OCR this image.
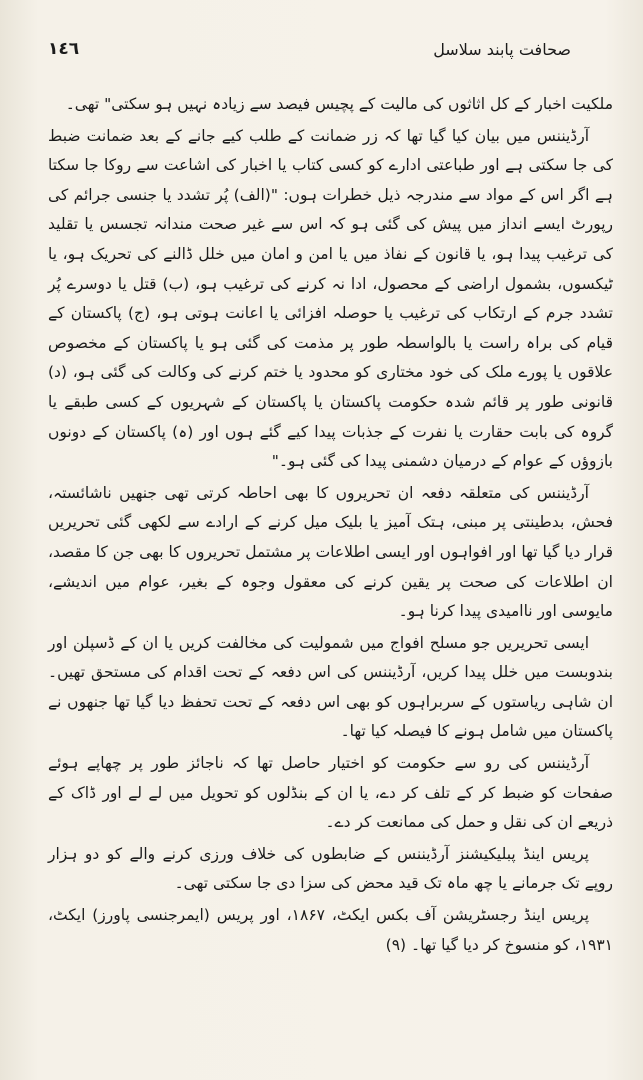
١٤٦	صحافت پابند سلاسل

ملکیت اخبار کے کل اثاثوں کی مالیت کے پچیس فیصد سے زیادہ نہیں ہو سکتی" تھی۔

آرڈیننس میں بیان کیا گیا تھا کہ زر ضمانت کے طلب کیے جانے کے بعد ضمانت ضبط کی جا سکتی ہے اور طباعتی ادارے کو کسی کتاب یا اخبار کی اشاعت سے روکا جا سکتا ہے اگر اس کے مواد سے مندرجہ ذیل خطرات ہوں: "(الف) پُر تشدد یا جنسی جرائم کی رپورٹ ایسے انداز میں پیش کی گئی ہو کہ اس سے غیر صحت مندانہ تجسس یا تقلید کی ترغیب پیدا ہو، یا قانون کے نفاذ میں یا امن و امان میں خلل ڈالنے کی تحریک ہو، یا ٹیکسوں، بشمول اراضی کے محصول، ادا نہ کرنے کی ترغیب ہو، (ب) قتل یا دوسرے پُر تشدد جرم کے ارتکاب کی ترغیب یا حوصلہ افزائی یا اعانت ہوتی ہو، (ج) پاکستان کے قیام کی براہ راست یا بالواسطہ طور پر مذمت کی گئی ہو یا پاکستان کے مخصوص علاقوں یا پورے ملک کی خود مختاری کو محدود یا ختم کرنے کی وکالت کی گئی ہو، (د) قانونی طور پر قائم شدہ حکومت پاکستان یا پاکستان کے شہریوں کے کسی طبقے یا گروہ کی بابت حقارت یا نفرت کے جذبات پیدا کیے گئے ہوں اور (ہ) پاکستان کے دونوں بازوؤں کے عوام کے درمیان دشمنی پیدا کی گئی ہو۔"

آرڈیننس کی متعلقہ دفعہ ان تحریروں کا بھی احاطہ کرتی تھی جنھیں ناشائستہ، فحش، بدطینتی پر مبنی، ہتک آمیز یا بلیک میل کرنے کے ارادے سے لکھی گئی تحریریں قرار دیا گیا تھا اور افواہوں اور ایسی اطلاعات پر مشتمل تحریروں کا بھی جن کا مقصد، ان اطلاعات کی صحت پر یقین کرنے کی معقول وجوہ کے بغیر، عوام میں اندیشے، مایوسی اور ناامیدی پیدا کرنا ہو۔

ایسی تحریریں جو مسلح افواج میں شمولیت کی مخالفت کریں یا ان کے ڈسپلن اور بندوبست میں خلل پیدا کریں، آرڈیننس کی اس دفعہ کے تحت اقدام کی مستحق تھیں۔ ان شاہی ریاستوں کے سربراہوں کو بھی اس دفعہ کے تحت تحفظ دیا گیا تھا جنھوں نے پاکستان میں شامل ہونے کا فیصلہ کیا تھا۔

آرڈیننس کی رو سے حکومت کو اختیار حاصل تھا کہ ناجائز طور پر چھاپے ہوئے صفحات کو ضبط کر کے تلف کر دے، یا ان کے بنڈلوں کو تحویل میں لے لے اور ڈاک کے ذریعے ان کی نقل و حمل کی ممانعت کر دے۔

پریس اینڈ پبلیکیشنز آرڈیننس کے ضابطوں کی خلاف ورزی کرنے والے کو دو ہزار روپے تک جرمانے یا چھ ماہ تک قید محض کی سزا دی جا سکتی تھی۔

پریس اینڈ رجسٹریشن آف بکس ایکٹ، ۱۸۶۷، اور پریس (ایمرجنسی پاورز) ایکٹ، ۱۹۳۱، کو منسوخ کر دیا گیا تھا۔ (۹)
